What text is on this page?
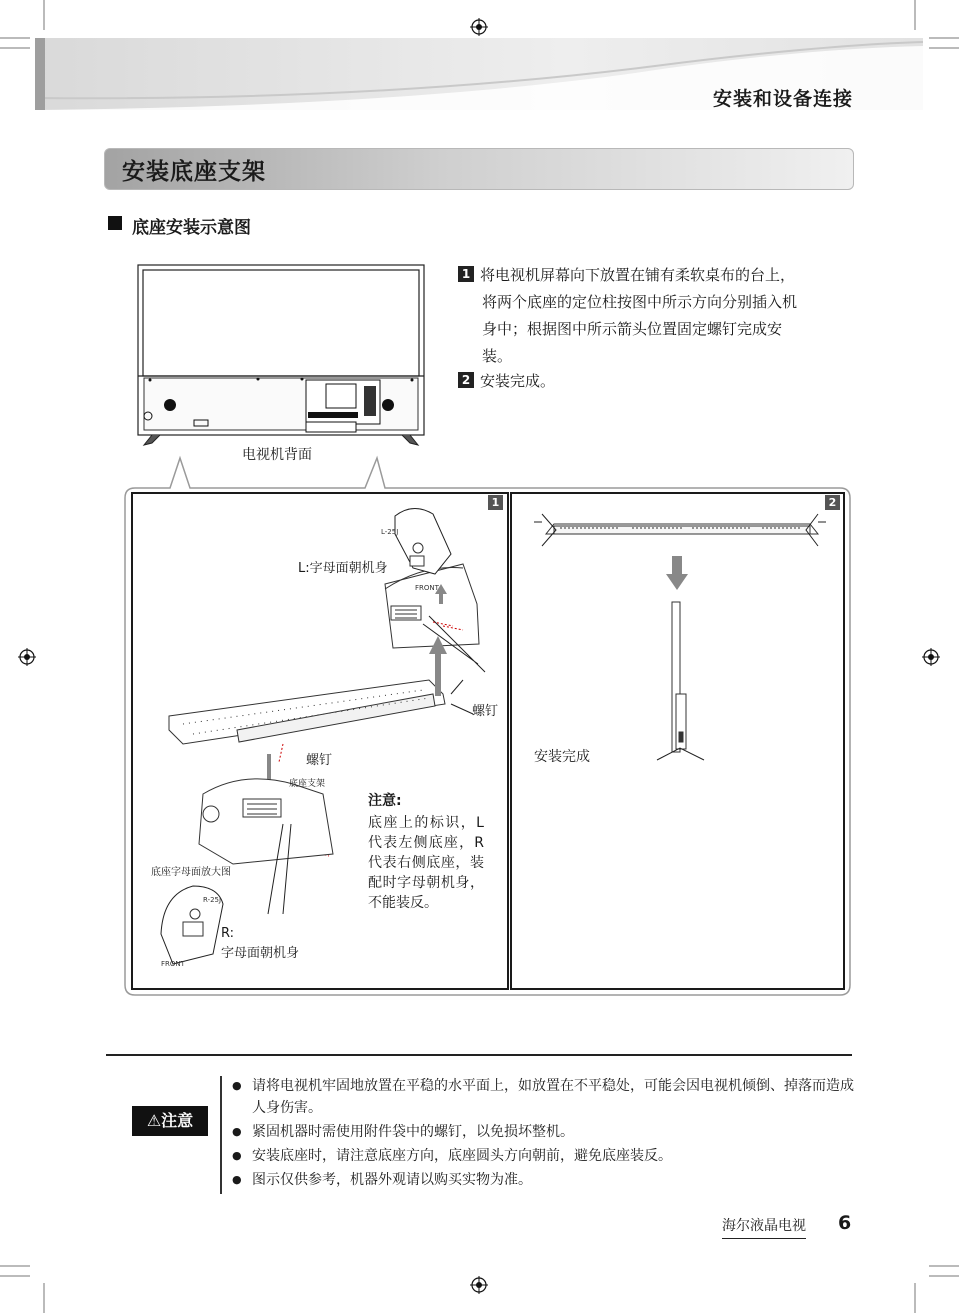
安装和设备连接
安装底座支架
底座安装示意图
1 将电视机屏幕向下放置在铺有柔软桌布的台上，
将两个底座的定位柱按图中所示方向分别插入机
身中；根据图中所示箭头位置固定螺钉完成安
装。
2 安装完成。
电视机背面
1	2
L-25J
FRONT
R-25J
FRONT
L:字母面朝机身
螺钉
螺钉
底座支架
底座字母面放大图
R:
字母面朝机身
注意:
底座上的标识，L代表左侧底座，R代表右侧底座，装配时字母朝机身，不能装反。
安装完成
⚠注意
● 请将电视机牢固地放置在平稳的水平面上，如放置在不平稳处，可能会因电视机倾倒、掉落而造成人身伤害。
● 紧固机器时需使用附件袋中的螺钉，以免损坏整机。
● 安装底座时，请注意底座方向，底座圆头方向朝前，避免底座装反。
● 图示仅供参考，机器外观请以购买实物为准。
海尔液晶电视 6
